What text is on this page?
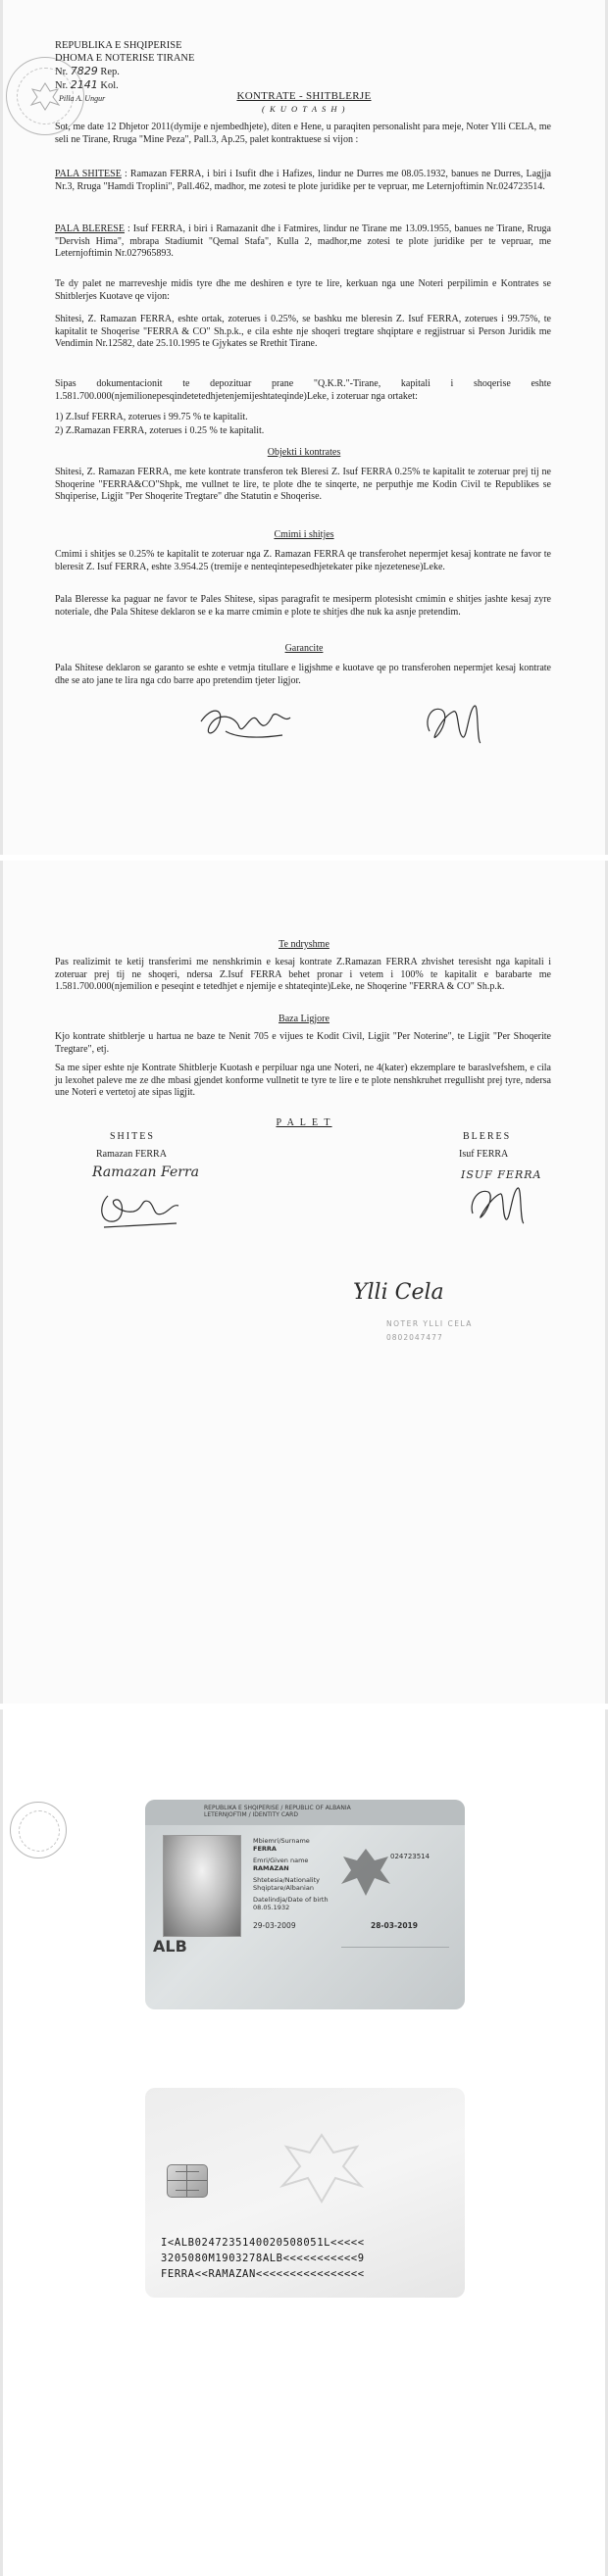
REPUBLIKA E SHQIPERISE
DHOMA E NOTERISE TIRANE
Nr. 7829 Rep.
Nr. 2141 Kol.
Pilla A. Ungur	KONTRATE - SHITBLERJE
( K U O T A S H )
Sot, me date 12 Dhjetor 2011(dymije e njembedhjete), diten e Hene, u paraqiten personalisht para meje, Noter Ylli CELA, me seli ne Tirane, Rruga "Mine Peza", Pall.3, Ap.25, palet kontraktuese si vijon :
PALA SHITESE : Ramazan FERRA, i biri i Isufit dhe i Hafizes, lindur ne Durres me 08.05.1932, banues ne Durres, Lagjja Nr.3, Rruga "Hamdi Troplini", Pall.462, madhor, me zotesi te plote juridike per te vepruar, me Leternjoftimin Nr.024723514.
PALA BLERESE : Isuf FERRA, i biri i Ramazanit dhe i Fatmires, lindur ne Tirane me 13.09.1955, banues ne Tirane, Rruga "Dervish Hima", mbrapa Stadiumit "Qemal Stafa", Kulla 2, madhor,me zotesi te plote juridike per te vepruar, me Leternjoftimin Nr.027965893.
Te dy palet ne marreveshje midis tyre dhe me deshiren e tyre te lire, kerkuan nga une Noteri perpilimin e Kontrates se Shitblerjes Kuotave qe vijon:
Shitesi, Z. Ramazan FERRA, eshte ortak, zoterues i 0.25%, se bashku me bleresin Z. Isuf FERRA, zoterues i 99.75%, te kapitalit te Shoqerise "FERRA & CO" Sh.p.k., e cila eshte nje shoqeri tregtare shqiptare e regjistruar si Person Juridik me Vendimin Nr.12582, date 25.10.1995 te Gjykates se Rrethit Tirane.
Sipas dokumentacionit te depozituar prane "Q.K.R."-Tirane, kapitali i shoqerise eshte 1.581.700.000(njemilionepesqindetetedhjetenjemijeshtateqinde)Leke, i zoteruar nga ortaket:
1) Z.Isuf FERRA, zoterues i 99.75 % te kapitalit.
2) Z.Ramazan FERRA, zoterues i 0.25 % te kapitalit.
Objekti i kontrates
Shitesi, Z. Ramazan FERRA, me kete kontrate transferon tek Bleresi Z. Isuf FERRA 0.25% te kapitalit te zoteruar prej tij ne Shoqerine "FERRA&CO"Shpk, me vullnet te lire, te plote dhe te sinqerte, ne perputhje me Kodin Civil te Republikes se Shqiperise, Ligjit "Per Shoqerite Tregtare" dhe Statutin e Shoqerise.
Cmimi i shitjes
Cmimi i shitjes se 0.25% te kapitalit te zoteruar nga Z. Ramazan FERRA qe transferohet nepermjet kesaj kontrate ne favor te bleresit Z. Isuf FERRA, eshte 3.954.25 (tremije e nenteqintepesedhjetekater pike njezetenese)Leke.
Pala Bleresse ka paguar ne favor te Pales Shitese, sipas paragrafit te mesiperm plotesisht cmimin e shitjes jashte kesaj zyre noteriale, dhe Pala Shitese deklaron se e ka marre cmimin e plote te shitjes dhe nuk ka asnje pretendim.
Garancite
Pala Shitese deklaron se garanto se eshte e vetmja titullare e ligjshme e kuotave qe po transferohen nepermjet kesaj kontrate dhe se ato jane te lira nga cdo barre apo pretendim tjeter ligjor.
Te ndryshme
Pas realizimit te ketij transferimi me nenshkrimin e kesaj kontrate Z.Ramazan FERRA zhvishet teresisht nga kapitali i zoteruar prej tij ne shoqeri, ndersa Z.Isuf FERRA behet pronar i vetem i 100% te kapitalit e barabarte me 1.581.700.000(njemilion e peseqint e tetedhjet e njemije e shtateqinte)Leke, ne Shoqerine "FERRA & CO" Sh.p.k.
Baza Ligjore
Kjo kontrate shitblerje u hartua ne baze te Nenit 705 e vijues te Kodit Civil, Ligjit "Per Noterine", te Ligjit "Per Shoqerite Tregtare", etj.
Sa me siper eshte nje Kontrate Shitblerje Kuotash e perpiluar nga une Noteri, ne 4(kater) ekzemplare te baraslvefshem, e cila ju lexohet paleve me ze dhe mbasi gjendet konforme vullnetit te tyre te lire e te plote nenshkruhet rregullisht prej tyre, ndersa une Noteri e vertetoj ate sipas ligjit.
P A L E T
SHITES	BLERES
Ramazan FERRA	Isuf FERRA
Ramazan Ferra	ISUF FERRA
Ylli Cela
NOTER YLLI CELA
0802047477
REPUBLIKA E SHQIPERISE / REPUBLIC OF ALBANIA
LETERNJOFTIM / IDENTITY CARD
ALB
Mbiemri/Surname
FERRA
Emri/Given name
RAMAZAN
Shtetesia/Nationality
Shqiptare/Albanian
Datelindja/Date of birth
08.05.1932
024723514
29-03-2009	28-03-2019
I<ALB0247235140020508051L<<<<<
3205080M1903278ALB<<<<<<<<<<<9
FERRA<<RAMAZAN<<<<<<<<<<<<<<<<
